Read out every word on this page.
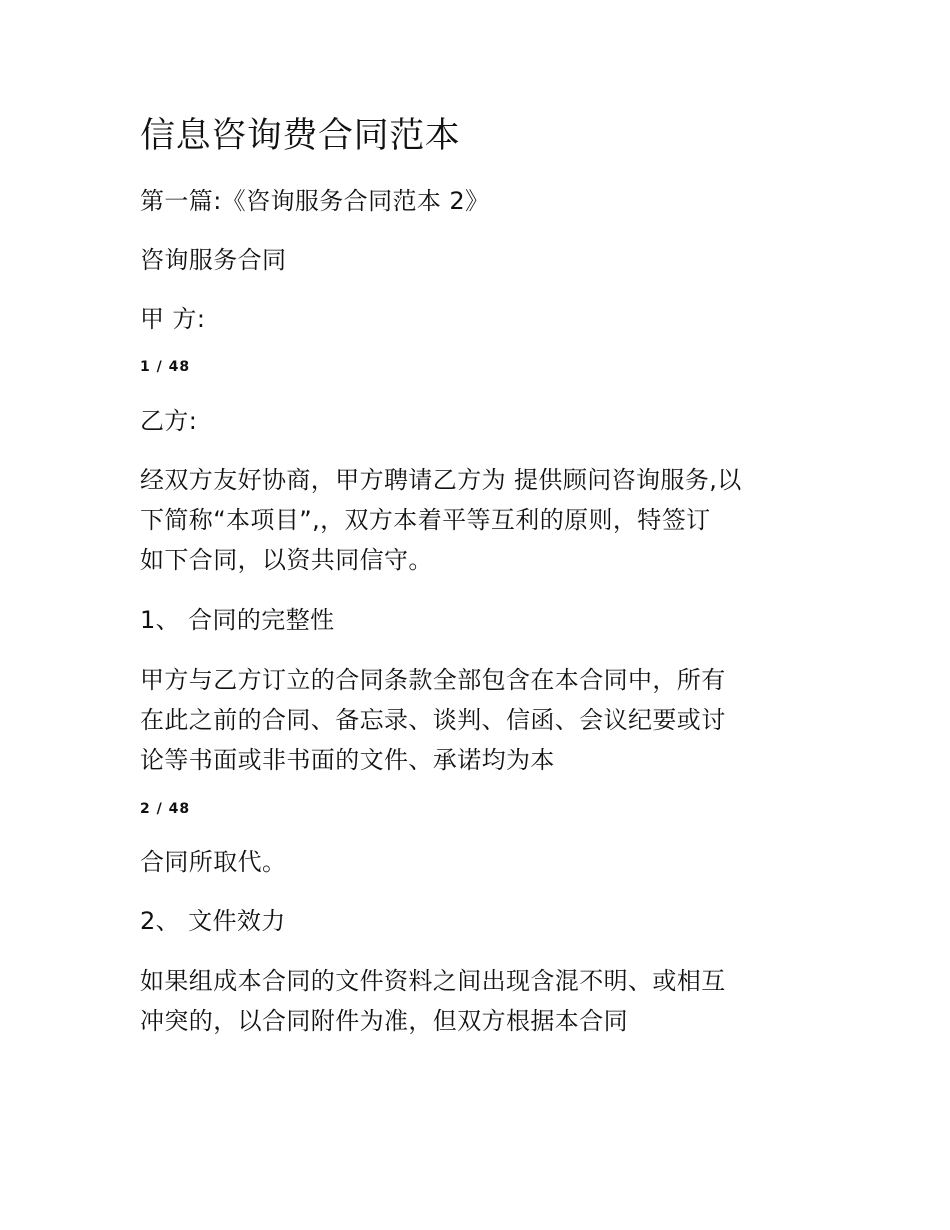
信息咨询费合同范本
第一篇:《咨询服务合同范本 2》
咨询服务合同
甲 方:
1 / 48
乙方:
经双方友好协商，甲方聘请乙方为 提供顾问咨询服务,以
下简称“本项目”,，双方本着平等互利的原则，特签订
如下合同，以资共同信守。
1、 合同的完整性
甲方与乙方订立的合同条款全部包含在本合同中，所有
在此之前的合同、备忘录、谈判、信函、会议纪要或讨
论等书面或非书面的文件、承诺均为本
2 / 48
合同所取代。
2、 文件效力
如果组成本合同的文件资料之间出现含混不明、或相互
冲突的，以合同附件为准，但双方根据本合同
